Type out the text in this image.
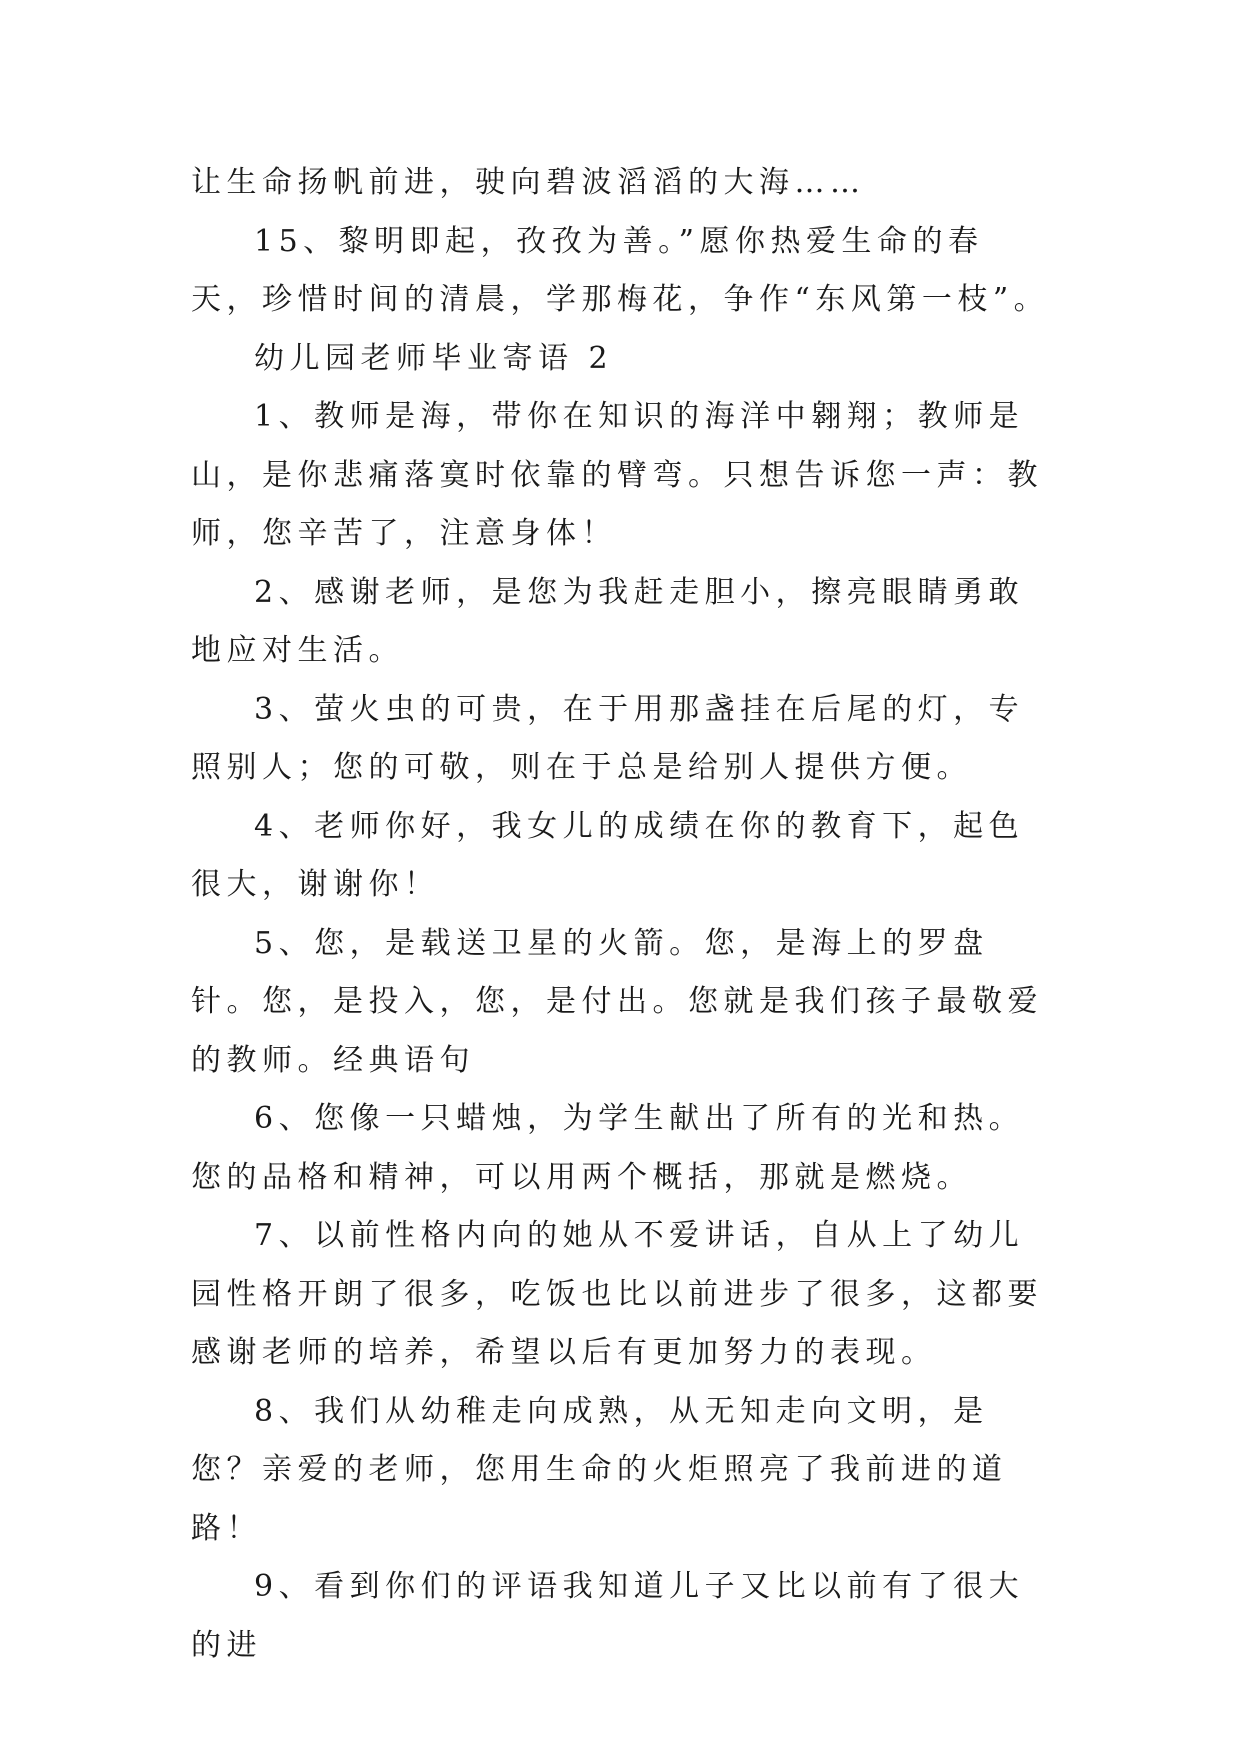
让生命扬帆前进，驶向碧波滔滔的大海……

15、黎明即起，孜孜为善。”愿你热爱生命的春天，珍惜时间的清晨，学那梅花，争作“东风第一枝”。

幼儿园老师毕业寄语 2

1、教师是海，带你在知识的海洋中翱翔；教师是山，是你悲痛落寞时依靠的臂弯。只想告诉您一声：教师，您辛苦了，注意身体！

2、感谢老师，是您为我赶走胆小，擦亮眼睛勇敢地应对生活。

3、萤火虫的可贵，在于用那盏挂在后尾的灯，专照别人；您的可敬，则在于总是给别人提供方便。

4、老师你好，我女儿的成绩在你的教育下，起色很大，谢谢你！

5、您，是载送卫星的火箭。您，是海上的罗盘针。您，是投入，您，是付出。您就是我们孩子最敬爱的教师。经典语句

6、您像一只蜡烛，为学生献出了所有的光和热。您的品格和精神，可以用两个概括，那就是燃烧。

7、以前性格内向的她从不爱讲话，自从上了幼儿园性格开朗了很多，吃饭也比以前进步了很多，这都要感谢老师的培养，希望以后有更加努力的表现。

8、我们从幼稚走向成熟，从无知走向文明，是您？亲爱的老师，您用生命的火炬照亮了我前进的道路！

9、看到你们的评语我知道儿子又比以前有了很大的进
